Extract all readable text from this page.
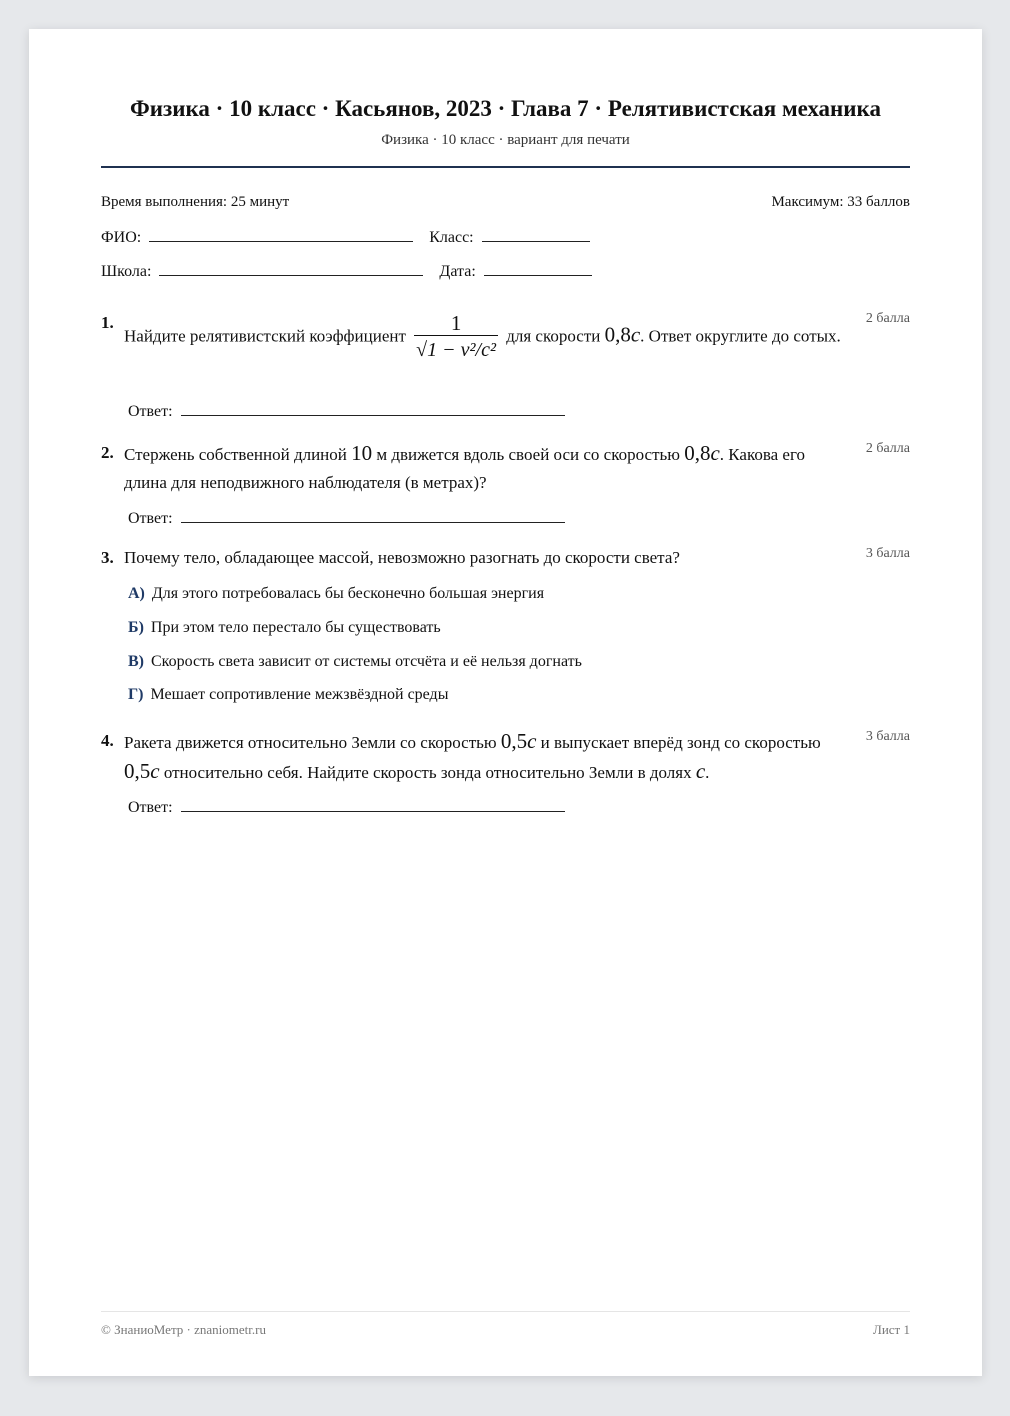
Физика · 10 класс · Касьянов, 2023 · Глава 7 · Релятивистская механика
Физика · 10 класс · вариант для печати
Время выполнения: 25 минут	Максимум: 33 баллов
ФИО:	Класс:
Школа:	Дата:
1.
Найдите релятивистский коэффициент $\frac{1}{\text{√1 − v²/c²}}$ для скорости 0,8c. Ответ округлите до сотых.
2 балла
Ответ:
2. Стержень собственной длиной 10 м движется вдоль своей оси со скоростью 0,8c. Какова его длина для неподвижного наблюдателя (в метрах)?
2 балла
Ответ:
3. Почему тело, обладающее массой, невозможно разогнать до скорости света?	3 балла
А) Для этого потребовалась бы бесконечно большая энергия
Б) При этом тело перестало бы существовать
В) Скорость света зависит от системы отсчёта и её нельзя догнать
Г) Мешает сопротивление межзвёздной среды
4. Ракета движется относительно Земли со скоростью 0,5c и выпускает вперёд зонд со скоростью 0,5c относительно себя. Найдите скорость зонда относительно Земли в долях c.
3 балла
Ответ:
© ЗнаниоМетр · znaniometr.ru	Лист 1
